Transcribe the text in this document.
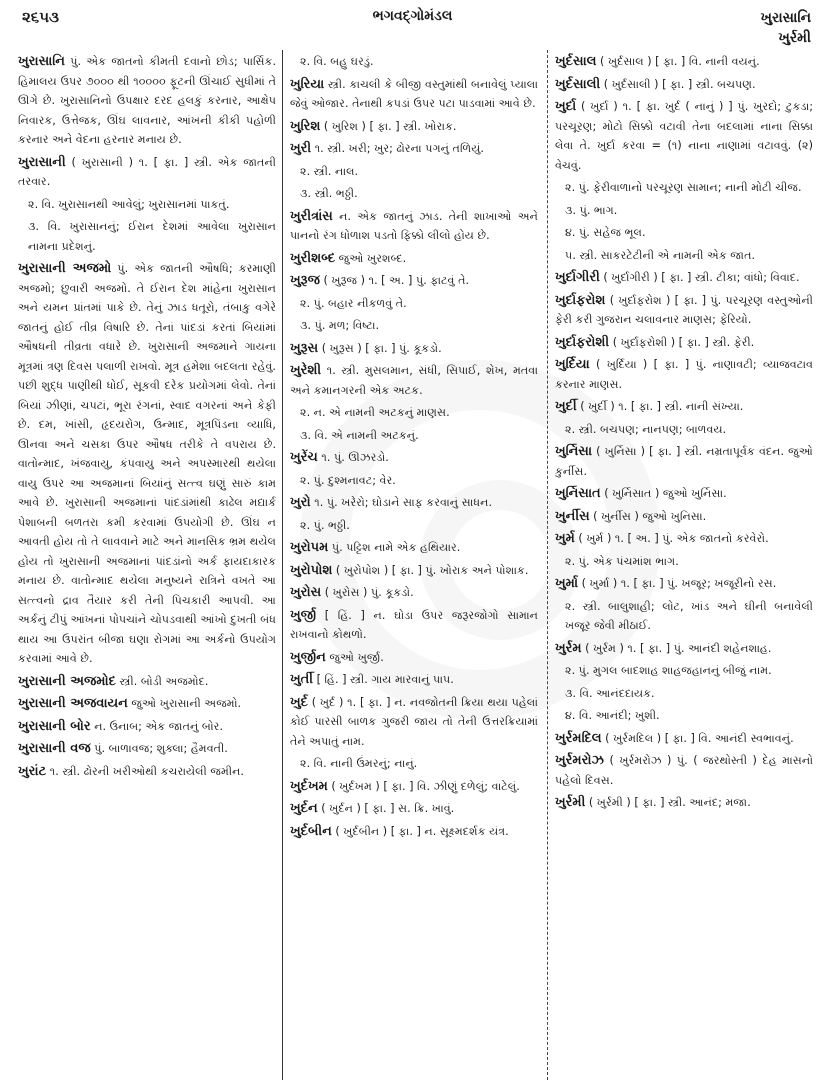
૨૬૫૩	ભગવદ્ગોમંડલ	ખુરાસાનિ
ખુર્રમી

ખુરાસાનિ પું. એક જાતનો કીમતી દવાનો છોડ; પાર્સિક. હિમાલય ઉપર ૭૦૦૦ થી ૧૦૦૦૦ ફૂટની ઊંચાઈ સુધીમાં તે ઊગે છે. ખુરાસાનિનો ઉપક્ષાર દરદ હલકું કરનાર, આક્ષેપ નિવારક, ઉત્તેજક, ઊંઘ લાવનાર, આંખની કીકી પહોળી કરનાર અને વેદના હરનાર મનાય છે.

ખુરાસાની ( ખુરાસાની ) ૧. [ ફા. ] સ્ત્રી. એક જાતની તરવાર.

૨. વિ. ખુરાસાનથી આવેલું; ખુરાસાનમાં પાકતું.

૩. વિ. ખુરાસાનનું; ઈરાન દેશમાં આવેલા ખુરાસાન નામના પ્રદેશનું.

ખુરાસાની અજમો પું. એક જાતની ઔષધિ; કરમાણી અજમો; છુવારી અજમો. તે ઈરાન દેશ માંહેના ખુરાસાન અને યમન પ્રાંતમાં પાકે છે. તેનું ઝાડ ધતૂરો, તંબાકુ વગેરે જાતનું હોઈ તીવ્ર વિષારિ છે. તેનાં પાંદડાં કરતાં બિયાંમાં ઔષધની તીવ્રતા વધારે છે. ખુરાસાની અજમાને ગાયના મૂત્રમાં ત્રણ દિવસ પલાળી રાખવો. મૂત્ર હમેશા બદલતા રહેવું. પછી શુદ્ધ પાણીથી ધોઈ, સૂકવી દરેક પ્રયોગમાં લેવો. તેનાં બિયાં ઝીણાં, ચપટાં, ભૂરા રંગનાં, સ્વાદ વગરનાં અને કેફી છે. દમ, ખાંસી, હૃદયરોગ, ઉન્માદ, મૂત્રપિંડના વ્યાધિ, ઊનવા અને ચસકા ઉપર ઔષધ તરીકે તે વપરાય છે. વાતોન્માદ, ખંજવાયુ, કંપવાયુ અને અપસ્મારથી થયેલા વાયુ ઉપર આ અજમાનાં બિયાંનું સત્ત્વ ઘણું સારું કામ આવે છે. ખુરાસાની અજમાનાં પાંદડાંમાંથી કાઢેલ મદ્યાર્ક પેશાબની બળતરા કમી કરવામાં ઉપયોગી છે. ઊંઘ ન આવતી હોય તો તે લાવવાને માટે અને માનસિક ભ્રમ થયેલ હોય તો ખુરાસાની અજમાનાં પાંદડાંનો અર્ક ફાયદાકારક મનાય છે. વાતોન્માદ થયેલા મનુષ્યને રાત્રિને વખતે આ સત્ત્વનો દ્રાવ તૈયાર કરી તેની પિચકારી આપવી. આ અર્કનું ટીપું આંખનાં પોપચાંને ચોપડવાથી આંખો દુખતી બંધ થાય આ ઉપરાંત બીજા ઘણા રોગમાં આ અર્કનો ઉપયોગ કરવામાં આવે છે.

ખુરાસાની અજમોદ સ્ત્રી. બોડી અજમોદ.

ખુરાસાની અજવાયન જુઓ ખુરાસાની અજમો.

ખુરાસાની બોર ન. ઉનાબ; એક જાતનું બોર.

ખુરાસાની વજ પું. બાળાવજ; શુક્લા; હૈમવતી.

ખુરાંટ ૧. સ્ત્રી. ઢોરની ખરીઓથી કચરાયેલી જમીન.

૨. વિ. બહુ ઘરડું.

ખુરિયા સ્ત્રી. કાચલી કે બીજી વસ્તુમાંથી બનાવેલું પ્યાલા જેવું ઓજાર. તેનાથી કપડાં ઉપર પટા પાડવામાં આવે છે.

ખુરિશ ( ખુરિશ ) [ ફા. ] સ્ત્રી. ખોરાક.

ખુરી ૧. સ્ત્રી. ખરી; ખુર; ઢોરના પગનું તળિયું.

૨. સ્ત્રી. નાલ.

૩. સ્ત્રી. ભઠ્ઠી.

ખુરીત્રાંસ ન. એક જાતનું ઝાડ. તેની શાખાઓ અને પાનનો રંગ ધોળાશ પડતો ફિક્કો લીલો હોય છે.

ખુરીશબ્દ જુઓ ખુરશબ્દ.

ખુરૂજ ( ખુરૂજ ) ૧. [ અ. ] પું. ફાટવું તે.

૨. પું. બહાર નીકળવું તે.

૩. પું. મળ; વિષ્ટા.

ખુરૂસ ( ખુરૂસ ) [ ફા. ] પું. કૂકડો.

ખુરેશી ૧. સ્ત્રી. મુસલમાન, સંધી, સિપાઈ, શેખ, મતવા અને કમાનગરની એક અટક.

૨. ન. એ નામની અટકનું માણસ.

૩. વિ. એ નામની અટકનું.

ખુરેંચ ૧. પું. ઊઝરડો.

૨. પું. દુશ્મનાવટ; વેર.

ખુરો ૧. પું. ખરેરો; ઘોડાને સાફ કરવાનું સાધન.

૨. પું. ભઠ્ઠી.

ખુરોપમ પું. પટ્ટિશ નામે એક હથિયાર.

ખુરોપોશ ( ખુરોપોશ ) [ ફા. ] પું. ખોરાક અને પોશાક.

ખુરોસ ( ખુરોસ ) પું. કૂકડો.

ખુર્જી [ હિં. ] ન. ઘોડા ઉપર જરૂરજોગો સામાન રાખવાનો કોથળો.

ખુર્જીન જુઓ ખુર્જી.

ખુર્તી [ હિં. ] સ્ત્રી. ગાય મારવાનું પાપ.

ખુર્દ ( ખુર્દ ) ૧. [ ફા. ] ન. નવજોતની ક્રિયા થયા પહેલાં કોઈ પારસી બાળક ગુજરી જાય તો તેની ઉત્તરક્રિયામાં તેને અપાતું નામ.

૨. વિ. નાની ઉંમરનું; નાનું.

ખુર્દખમ ( ખુર્દખમ ) [ ફા. ] વિ. ઝીણું દળેલું; વાટેલું.

ખુર્દન ( ખુર્દન ) [ ફા. ] સ. ક્રિ. ખાવું.

ખુર્દબીન ( ખુર્દબીન ) [ ફા. ] ન. સૂક્ષ્મદર્શક યંત્ર.

ખુર્દસાલ ( ખુર્દસાલ ) [ ફા. ] વિ. નાની વયનું.

ખુર્દસાલી ( ખુર્દસાલી ) [ ફા. ] સ્ત્રી. બચપણ.

ખુર્દા ( ખુર્દા ) ૧. [ ફા. ખુર્દ ( નાનું ) ] પું. ખુરદો; ટુકડા; પરચૂરણ; મોટો સિક્કો વટાવી તેના બદલામાં નાના સિક્કા લેવા તે. ખુર્દા કરવા = (૧) નાના નાણામાં વટાવવું. (૨) વેચવું.

૨. પું. ફેરીવાળાનો પરચૂરણ સામાન; નાની મોટી ચીજ.

૩. પું. ભાગ.

૪. પું. સહેજ ભૂલ.

૫. સ્ત્રી. સાકરટેટીની એ નામની એક જાત.

ખુર્દાગીરી ( ખુર્દાગીરી ) [ ફા. ] સ્ત્રી. ટીકા; વાંધો; વિવાદ.

ખુર્દાફરોશ ( ખુર્દાફરોશ ) [ ફા. ] પું. પરચૂરણ વસ્તુઓની ફેરી કરી ગુજરાન ચલાવનાર માણસ; ફેરિયો.

ખુર્દાફરોશી ( ખુર્દાફરોશી ) [ ફા. ] સ્ત્રી. ફેરી.

ખુર્દિયા ( ખુર્દિયા ) [ ફા. ] પું. નાણાવટી; વ્યાજવટાવ કરનાર માણસ.

ખુર્દી ( ખુર્દી ) ૧. [ ફા. ] સ્ત્રી. નાની સંખ્યા.

૨. સ્ત્રી. બચપણ; નાનપણ; બાળવય.

ખુર્નિસા ( ખુર્નિસા ) [ ફા. ] સ્ત્રી. નમ્રતાપૂર્વક વંદન. જુઓ કુર્નીસ.

ખુર્નિસાત ( ખુર્નિસાત ) જુઓ ખુર્નિસા.

ખુર્નીસ ( ખુર્નીસ ) જુઓ ખુનિસા.

ખુર્મ ( ખુર્મ ) ૧. [ અ. ] પું. એક જાતનો કરવેરો.

૨. પું. એક પંચમાંશ ભાગ.

ખુર્મા ( ખુર્મા ) ૧. [ ફા. ] પું. ખજૂર; ખજૂરીનો રસ.

૨. સ્ત્રી. બાલુશાહી; લોટ, ખાંડ અને ઘીની બનાવેલી ખજૂર જેવી મીઠાઈ.

ખુર્રમ ( ખુર્રમ ) ૧. [ ફા. ] પું. આનંદી શહેનશાહ.

૨. પું. મુગલ બાદશાહ શાહજહાનનું બીજું નામ.

૩. વિ. આનંદદાયક.

૪. વિ. આનંદી; ખુશી.

ખુર્રમદિલ ( ખુર્રમદિલ ) [ ફા. ] વિ. આનંદી સ્વભાવનું.

ખુર્રમરોઝ ( ખુર્રમરોઝ ) પું. ( જરથોસ્તી ) દેહ માસનો પહેલો દિવસ.

ખુર્રમી ( ખુર્રમી ) [ ફા. ] સ્ત્રી. આનંદ; મજા.
